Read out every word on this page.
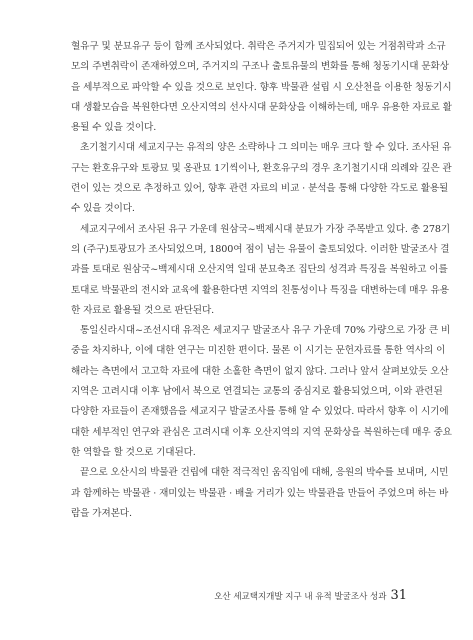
혈유구 및 분묘유구 등이 함께 조사되었다. 취락은 주거지가 밀집되어 있는 거점취락과 소규
모의 주변취락이 존재하였으며, 주거지의 구조나 출토유물의 변화를 통해 청동기시대 문화상
을 세부적으로 파악할 수 있을 것으로 보인다. 향후 박물관 설립 시 오산천을 이용한 청동기시
대 생활모습을 복원한다면 오산지역의 선사시대 문화상을 이해하는데, 매우 유용한 자료로 활
용될 수 있을 것이다.
초기철기시대 세교지구는 유적의 양은 소략하나 그 의미는 매우 크다 할 수 있다. 조사된 유
구는 환호유구와 토광묘 및 옹관묘 1기씩이나, 환호유구의 경우 초기철기시대 의례와 깊은 관
련이 있는 것으로 추정하고 있어, 향후 관련 자료의 비교 · 분석을 통해 다양한 각도로 활용될
수 있을 것이다.
세교지구에서 조사된 유구 가운데 원삼국~백제시대 분묘가 가장 주목받고 있다. 총 278기
의 (주구)토광묘가 조사되었으며, 1800여 점이 넘는 유물이 출토되었다. 이러한 발굴조사 결
과를 토대로 원삼국~백제시대 오산지역 일대 분묘축조 집단의 성격과 특징을 복원하고 이를
토대로 박물관의 전시와 교육에 활용한다면 지역의 친통성이나 특징을 대변하는데 매우 유용
한 자료로 활용될 것으로 판단된다.
통일신라시대~조선시대 유적은 세교지구 발굴조사 유구 가운데 70% 가량으로 가장 큰 비
중을 차지하나, 이에 대한 연구는 미진한 편이다. 물론 이 시기는 문헌자료를 통한 역사의 이
해라는 측면에서 고고학 자료에 대한 소홀한 측면이 없지 않다. 그러나 앞서 살펴보았듯 오산
지역은 고려시대 이후 남에서 북으로 연결되는 교통의 중심지로 활용되었으며, 이와 관련된
다양한 자료들이 존재했음을 세교지구 발굴조사를 통해 알 수 있었다. 따라서 향후 이 시기에
대한 세부적인 연구와 관심은 고려시대 이후 오산지역의 지역 문화상을 복원하는데 매우 중요
한 역할을 할 것으로 기대된다.
끝으로 오산시의 박물관 건립에 대한 적극적인 움직임에 대해, 응원의 박수를 보내며, 시민
과 함께하는 박물관 · 재미있는 박물관 · 배울 거리가 있는 박물관을 만들어 주었으며 하는 바
람을 가져본다.
오산 세교택지개발 지구 내 유적 발굴조사 성과 31
